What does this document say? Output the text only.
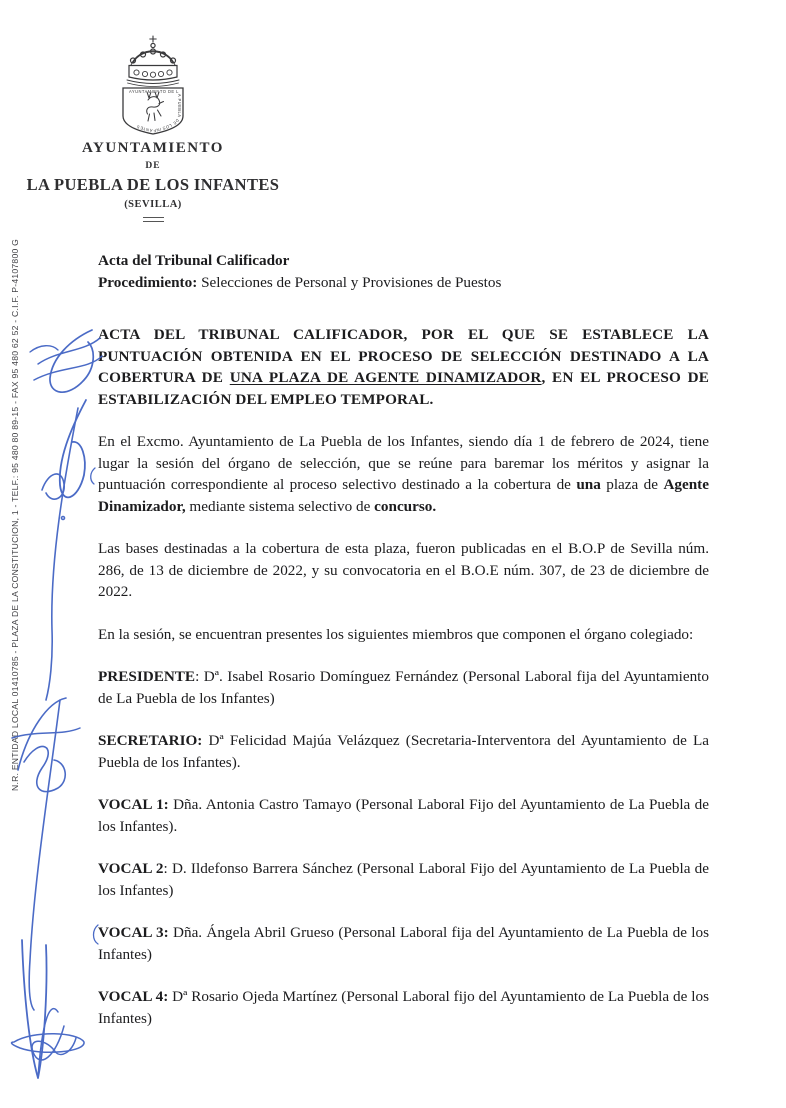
AYUNTAMIENTO DE LA PUEBLA DE LOS INFANTES
AYUNTAMIENTO
DE
LA PUEBLA DE LOS INFANTES
(SEVILLA)
N.R. ENTIDAD LOCAL 01410785 - PLAZA DE LA CONSTITUCION, 1 - TELF.: 95 480 80 89-15 - FAX 95 480 62 52 - C.I.F. P-4107800 G	Acta del Tribunal Calificador

Procedimiento: Selecciones de Personal y Provisiones de Puestos

ACTA DEL TRIBUNAL CALIFICADOR, POR EL QUE SE ESTABLECE LA PUNTUACIÓN OBTENIDA EN EL PROCESO DE SELECCIÓN DESTINADO A LA COBERTURA DE UNA PLAZA DE AGENTE DINAMIZADOR, EN EL PROCESO DE ESTABILIZACIÓN DEL EMPLEO TEMPORAL.

En el Excmo. Ayuntamiento de La Puebla de los Infantes, siendo día 1 de febrero de 2024, tiene lugar la sesión del órgano de selección, que se reúne para baremar los méritos y asignar la puntuación correspondiente al proceso selectivo destinado a la cobertura de una plaza de Agente Dinamizador, mediante sistema selectivo de concurso.

Las bases destinadas a la cobertura de esta plaza, fueron publicadas en el B.O.P de Sevilla núm. 286, de 13 de diciembre de 2022, y su convocatoria en el B.O.E núm. 307, de 23 de diciembre de 2022.

En la sesión, se encuentran presentes los siguientes miembros que componen el órgano colegiado:

PRESIDENTE: Dª. Isabel Rosario Domínguez Fernández (Personal Laboral fija del Ayuntamiento de La Puebla de los Infantes)

SECRETARIO: Dª Felicidad Majúa Velázquez (Secretaria-Interventora del Ayuntamiento de La Puebla de los Infantes).

VOCAL 1: Dña. Antonia Castro Tamayo (Personal Laboral Fijo del Ayuntamiento de La Puebla de los Infantes).

VOCAL 2: D. Ildefonso Barrera Sánchez (Personal Laboral Fijo del Ayuntamiento de La Puebla de los Infantes)

VOCAL 3: Dña. Ángela Abril Grueso (Personal Laboral fija del Ayuntamiento de La Puebla de los Infantes)

VOCAL 4: Dª Rosario Ojeda Martínez (Personal Laboral fijo del Ayuntamiento de La Puebla de los Infantes)
